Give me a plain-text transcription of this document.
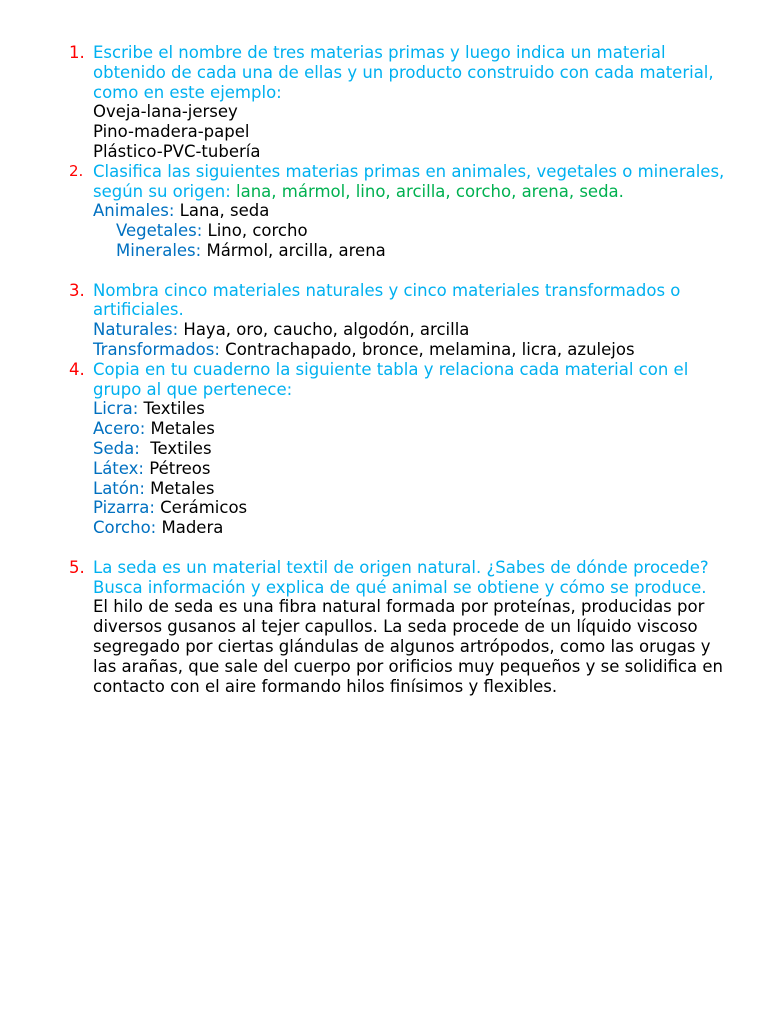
1. Escribe el nombre de tres materias primas y luego indica un material obtenido de cada una de ellas y un producto construido con cada material, como en este ejemplo:
Oveja-lana-jersey
Pino-madera-papel
Plástico-PVC-tubería
2. Clasifica las siguientes materias primas en animales, vegetales o minerales, según su origen: lana, mármol, lino, arcilla, corcho, arena, seda.
Animales: Lana, seda
Vegetales: Lino, corcho
Minerales: Mármol, arcilla, arena
3. Nombra cinco materiales naturales y cinco materiales transformados o artificiales.
Naturales: Haya, oro, caucho, algodón, arcilla
Transformados: Contrachapado, bronce, melamina, licra, azulejos
4. Copia en tu cuaderno la siguiente tabla y relaciona cada material con el grupo al que pertenece:
Licra: Textiles
Acero: Metales
Seda:  Textiles
Látex: Pétreos
Latón: Metales
Pizarra: Cerámicos
Corcho: Madera
5. La seda es un material textil de origen natural. ¿Sabes de dónde procede? Busca información y explica de qué animal se obtiene y cómo se produce.
El hilo de seda es una fibra natural formada por proteínas, producidas por diversos gusanos al tejer capullos. La seda procede de un líquido viscoso segregado por ciertas glándulas de algunos artrópodos, como las orugas y las arañas, que sale del cuerpo por orificios muy pequeños y se solidifica en contacto con el aire formando hilos finísimos y flexibles.
